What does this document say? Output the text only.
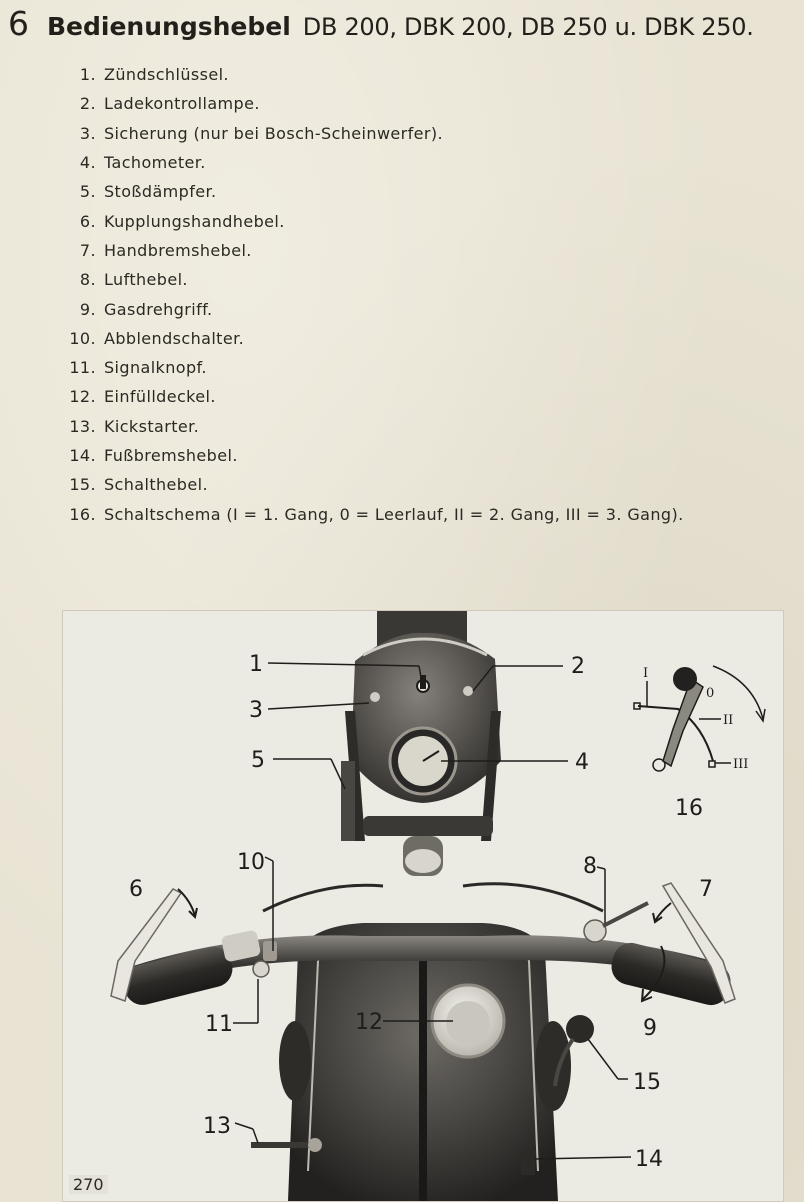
6 Bedienungshebel DB 200, DBK 200, DB 250 u. DBK 250.
1. Zündschlüssel.
2. Ladekontrollampe.
3. Sicherung (nur bei Bosch-Scheinwerfer).
4. Tachometer.
5. Stoßdämpfer.
6. Kupplungshandhebel.
7. Handbremshebel.
8. Lufthebel.
9. Gasdrehgriff.
10. Abblendschalter.
11. Signalknopf.
12. Einfülldeckel.
13. Kickstarter.
14. Fußbremshebel.
15. Schalthebel.
16. Schaltschema (I = 1. Gang, 0 = Leerlauf, II = 2. Gang, III = 3. Gang).
I
0
II
III
1	2
3
4
5
6	7
8
9
10
11	12
13
14
15
16
270
